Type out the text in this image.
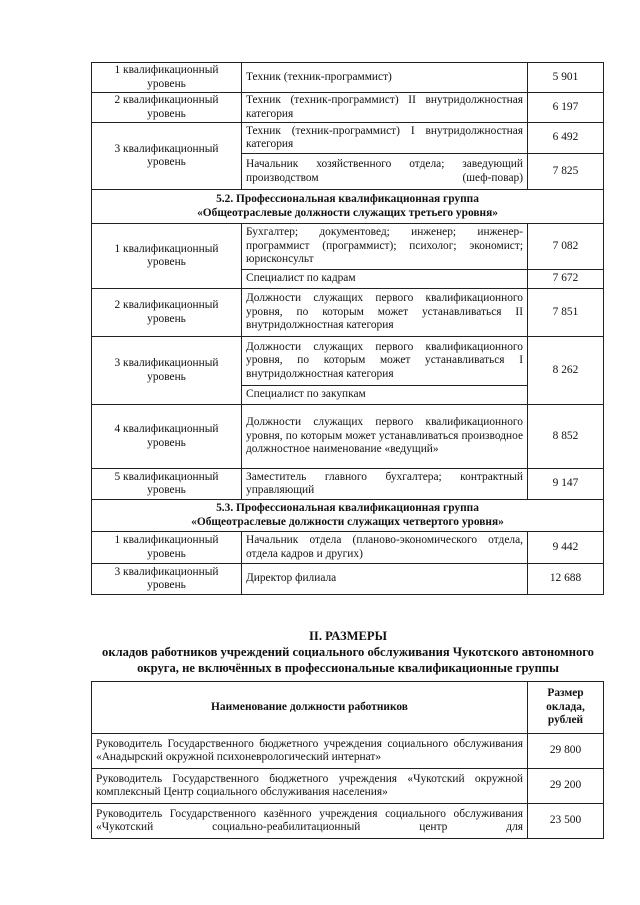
1 квалификационный уровень	Техник (техник-программист)	5 901
2 квалификационный уровень	Техник (техник-программист) II внутридолжностная категория	6 197
3 квалификационный уровень	Техник (техник-программист) I внутридолжностная категория	6 492
	Начальник хозяйственного отдела; заведующий производством (шеф-повар)	7 825

5.2. Профессиональная квалификационная группа
«Общеотраслевые должности служащих третьего уровня»		

1 квалификационный уровень	Бухгалтер; документовед; инженер; инженер-программист (программист); психолог; экономист; юрисконсульт	7 082
	Специалист по кадрам	7 672
2 квалификационный уровень	Должности служащих первого квалификационного уровня, по которым может устанавливаться II внутридолжностная категория	7 851
3 квалификационный уровень	Должности служащих первого квалификационного уровня, по которым может устанавливаться I внутридолжностная категория	8 262
	Специалист по закупкам	
4 квалификационный уровень	Должности служащих первого квалификационного уровня, по которым может устанавливаться производное должностное наименование «ведущий»	8 852
5 квалификационный уровень	Заместитель главного бухгалтера; контрактный управляющий	9 147

5.3. Профессиональная квалификационная группа
«Общеотраслевые должности служащих четвертого уровня»		

1 квалификационный уровень	Начальник отдела (планово-экономического отдела, отдела кадров и других)	9 442
3 квалификационный уровень	Директор филиала	12 688
II. РАЗМЕРЫ
окладов работников учреждений социального обслуживания Чукотского автономного
округа, не включённых в профессиональные квалификационные группы
Наименование должности работников	Размер оклада, рублей
Руководитель Государственного бюджетного учреждения социального обслуживания «Анадырский окружной психоневрологический интернат»	29 800
Руководитель Государственного бюджетного учреждения «Чукотский окружной комплексный Центр социального обслуживания населения»	29 200
Руководитель Государственного казённого учреждения социального обслуживания «Чукотский социально-реабилитационный центр для	23 500
